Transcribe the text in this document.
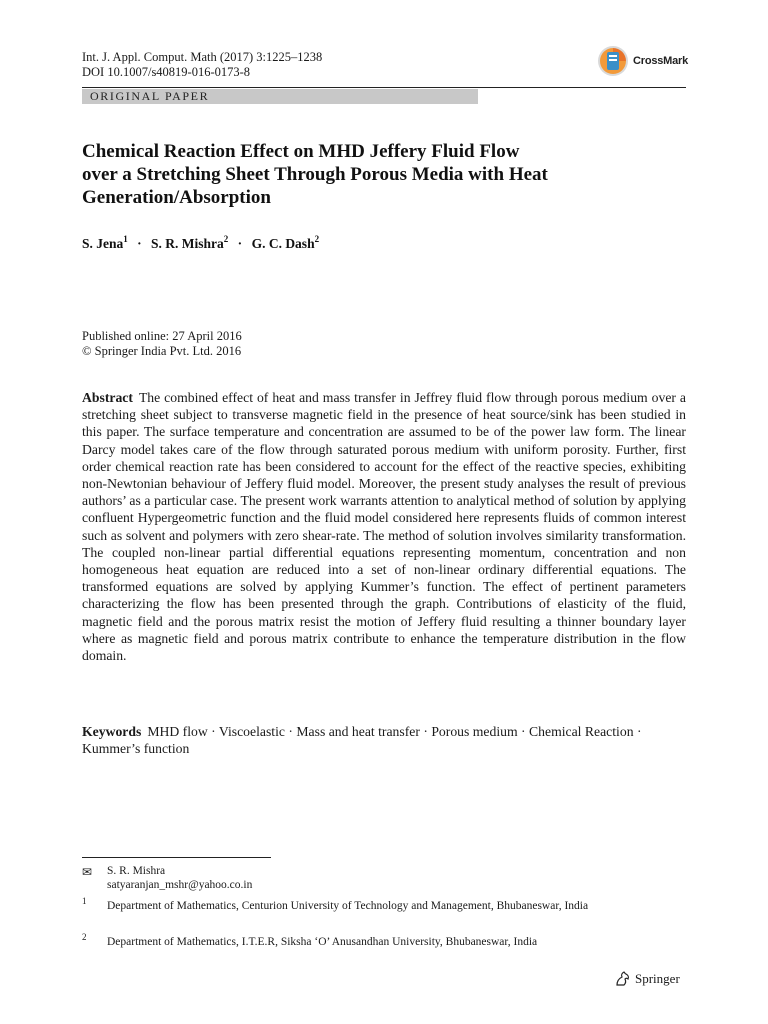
Int. J. Appl. Comput. Math (2017) 3:1225–1238
DOI 10.1007/s40819-016-0173-8
CrossMark
ORIGINAL PAPER
Chemical Reaction Effect on MHD Jeffery Fluid Flow
over a Stretching Sheet Through Porous Media with Heat
Generation/Absorption
S. Jena$^1$ · S. R. Mishra$^2$ · G. C. Dash$^2$
Published online: 27 April 2016
© Springer India Pvt. Ltd. 2016

Abstract The combined effect of heat and mass transfer in Jeffrey fluid flow through porous medium over a stretching sheet subject to transverse magnetic field in the presence of heat source/sink has been studied in this paper. The surface temperature and concentration are assumed to be of the power law form. The linear Darcy model takes care of the flow through saturated porous medium with uniform porosity. Further, first order chemical reaction rate has been considered to account for the effect of the reactive species, exhibiting non-Newtonian behaviour of Jeffery fluid model. Moreover, the present study analyses the result of previous authors’ as a particular case. The present work warrants attention to analytical method of solution by applying confluent Hypergeometric function and the fluid model considered here represents fluids of common interest such as solvent and polymers with zero shear-rate. The method of solution involves similarity transformation. The coupled non-linear partial differential equations representing momentum, concentration and non homogeneous heat equation are reduced into a set of non-linear ordinary differential equations. The transformed equations are solved by applying Kummer’s function. The effect of pertinent parameters characterizing the flow has been presented through the graph. Contributions of elasticity of the fluid, magnetic field and the porous matrix resist the motion of Jeffery fluid resulting a thinner boundary layer where as magnetic field and porous matrix contribute to enhance the temperature distribution in the flow domain.

Keywords MHD flow · Viscoelastic · Mass and heat transfer · Porous medium · Chemical Reaction · Kummer’s function

✉ S. R. Mishra
satyaranjan_mshr@yahoo.co.in
1 Department of Mathematics, Centurion University of Technology and Management, Bhubaneswar, India
2 Department of Mathematics, I.T.E.R, Siksha ‘O’ Anusandhan University, Bhubaneswar, India
Springer
